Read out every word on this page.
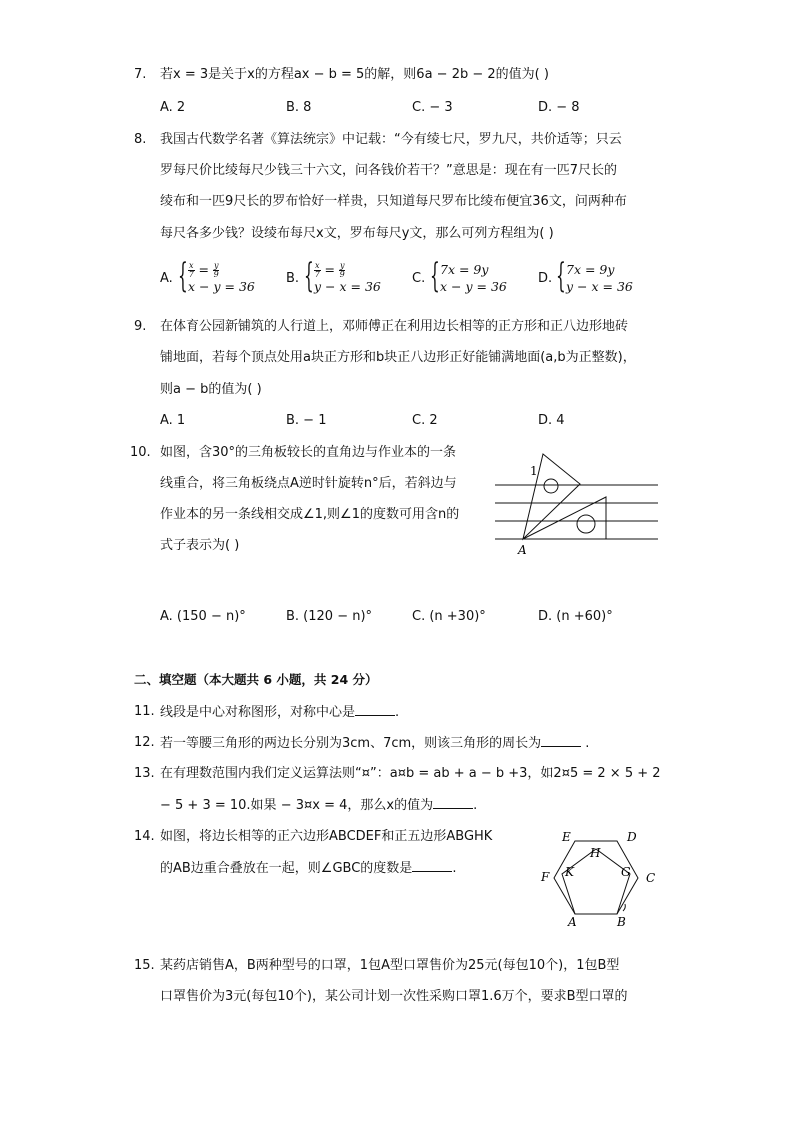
7. 若x = 3是关于x的方程ax − b = 5的解，则6a − 2b − 2的值为( )
A. 2	B. 8	C. − 3	D. − 8
8. 我国古代数学名著《算法统宗》中记载：“今有绫七尺，罗九尺，共价适等；只云
罗每尺价比绫每尺少钱三十六文，问各钱价若干？”意思是：现在有一匹7尺长的
绫布和一匹9尺长的罗布恰好一样贵，只知道每尺罗布比绫布便宜36文，问两种布
每尺各多少钱？设绫布每尺x文，罗布每尺y文，那么可列方程组为( )
A. { $\frac{x}{7} = \frac{y}{9}$
x − y = 36
B. { $\frac{x}{7} = \frac{y}{9}$
y − x = 36
C. { 7x = 9y
x − y = 36
D. { 7x = 9y
y − x = 36
9. 在体育公园新铺筑的人行道上，邓师傅正在利用边长相等的正方形和正八边形地砖
铺地面，若每个顶点处用a块正方形和b块正八边形正好能铺满地面(a,b为正整数)，
则a − b的值为( )
A. 1	B. − 1	C. 2	D. 4
10. 如图，含30°的三角板较长的直角边与作业本的一条
线重合，将三角板绕点A逆时针旋转n°后，若斜边与
作业本的另一条线相交成∠1,则∠1的度数可用含n的
式子表示为( )
1
A
A. (150 − n)°	B. (120 − n)°	C. (n +30)°	D. (n +60)°
二、填空题（本大题共 6 小题，共 24 分）
11. 线段是中心对称图形，对称中心是	.
12. 若一等腰三角形的两边长分别为3cm、7cm，则该三角形的周长为	.
13. 在有理数范围内我们定义运算法则“¤”：a¤b = ab + a − b +3，如2¤5 = 2 × 5 + 2
− 5 + 3 = 10.如果 − 3¤x = 4，那么x的值为	.
14. 如图，将边长相等的正六边形ABCDEF和正五边形ABGHK
的AB边重合叠放在一起，则∠GBC的度数是	.
E	D
H
F K	G C
A	B
15. 某药店销售A，B两种型号的口罩，1包A型口罩售价为25元(每包10个)，1包B型
口罩售价为3元(每包10个)，某公司计划一次性采购口罩1.6万个，要求B型口罩的
